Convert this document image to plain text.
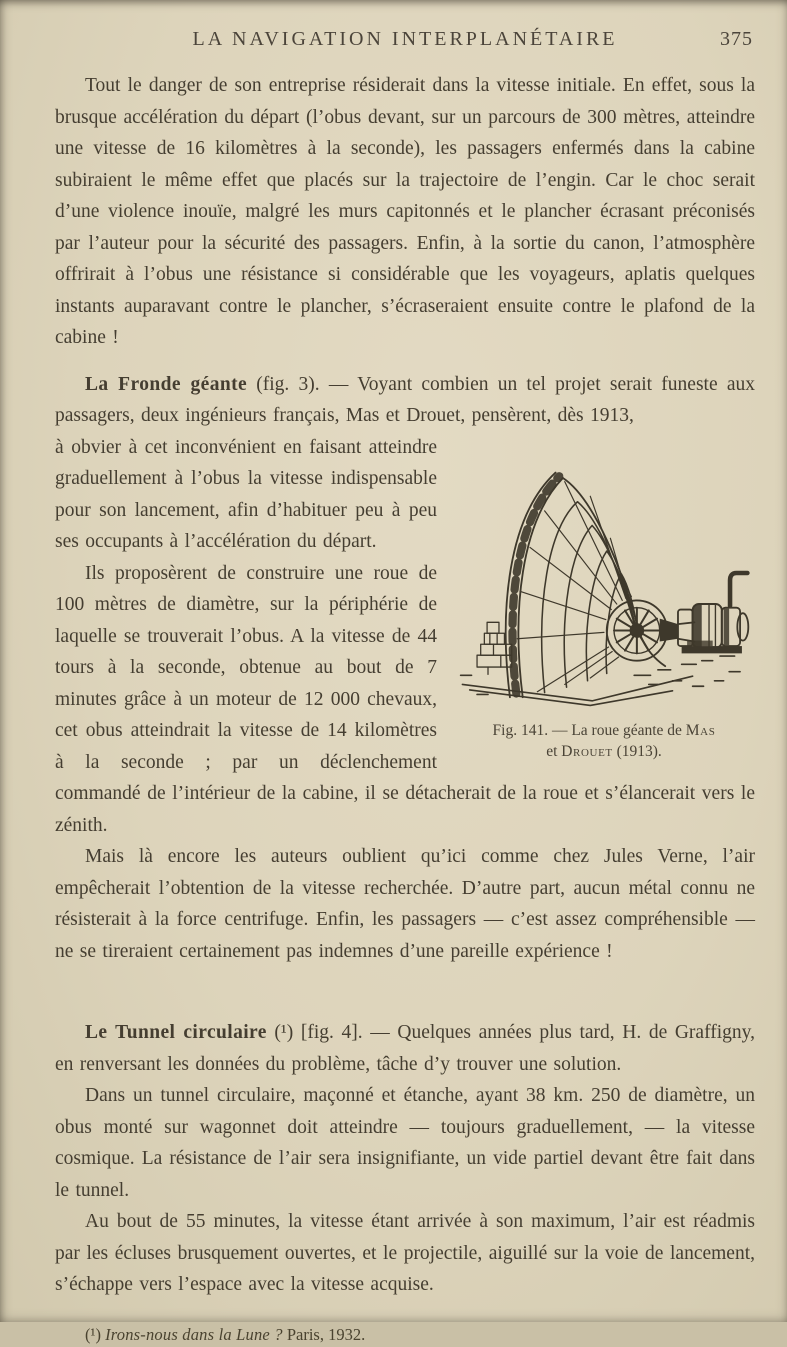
LA NAVIGATION INTERPLANÉTAIRE	375

Tout le danger de son entreprise résiderait dans la vitesse initiale. En effet, sous la brusque accélération du départ (l’obus devant, sur un parcours de 300 mètres, atteindre une vitesse de 16 kilomètres à la seconde), les passagers enfermés dans la cabine subiraient le même effet que placés sur la trajectoire de l’engin. Car le choc serait d’une violence inouïe, malgré les murs capitonnés et le plancher écrasant préconisés par l’auteur pour la sécurité des passagers. Enfin, à la sortie du canon, l’atmosphère offrirait à l’obus une résistance si considérable que les voyageurs, aplatis quelques instants auparavant contre le plancher, s’écraseraient ensuite contre le plafond de la cabine !

La Fronde géante (fig. 3). — Voyant combien un tel projet serait funeste aux passagers, deux ingénieurs français, Mas et Drouet, pensèrent, dès 1913,

Fig. 141. — La roue géante de Mas
et Drouet (1913).

à obvier à cet inconvénient en faisant atteindre graduellement à l’obus la vitesse indispensable pour son lancement, afin d’habituer peu à peu ses occupants à l’accélération du départ.

Ils proposèrent de construire une roue de 100 mètres de diamètre, sur la périphérie de laquelle se trouverait l’obus. A la vitesse de 44 tours à la seconde, obtenue au bout de 7 minutes grâce à un moteur de 12 000 chevaux, cet obus atteindrait la vitesse de 14 kilomètres à la seconde ; par un déclenchement commandé de l’intérieur de la cabine, il se détacherait de la roue et s’élancerait vers le zénith.

Mais là encore les auteurs oublient qu’ici comme chez Jules Verne, l’air empêcherait l’obtention de la vitesse recherchée. D’autre part, aucun métal connu ne résisterait à la force centrifuge. Enfin, les passagers — c’est assez compréhensible — ne se tireraient certainement pas indemnes d’une pareille expérience !

Le Tunnel circulaire (¹) [fig. 4]. — Quelques années plus tard, H. de Graffigny, en renversant les données du problème, tâche d’y trouver une solution.

Dans un tunnel circulaire, maçonné et étanche, ayant 38 km. 250 de diamètre, un obus monté sur wagonnet doit atteindre — toujours graduellement, — la vitesse cosmique. La résistance de l’air sera insignifiante, un vide partiel devant être fait dans le tunnel.

Au bout de 55 minutes, la vitesse étant arrivée à son maximum, l’air est réadmis par les écluses brusquement ouvertes, et le projectile, aiguillé sur la voie de lancement, s’échappe vers l’espace avec la vitesse acquise.

(¹) Irons-nous dans la Lune ? Paris, 1932.
